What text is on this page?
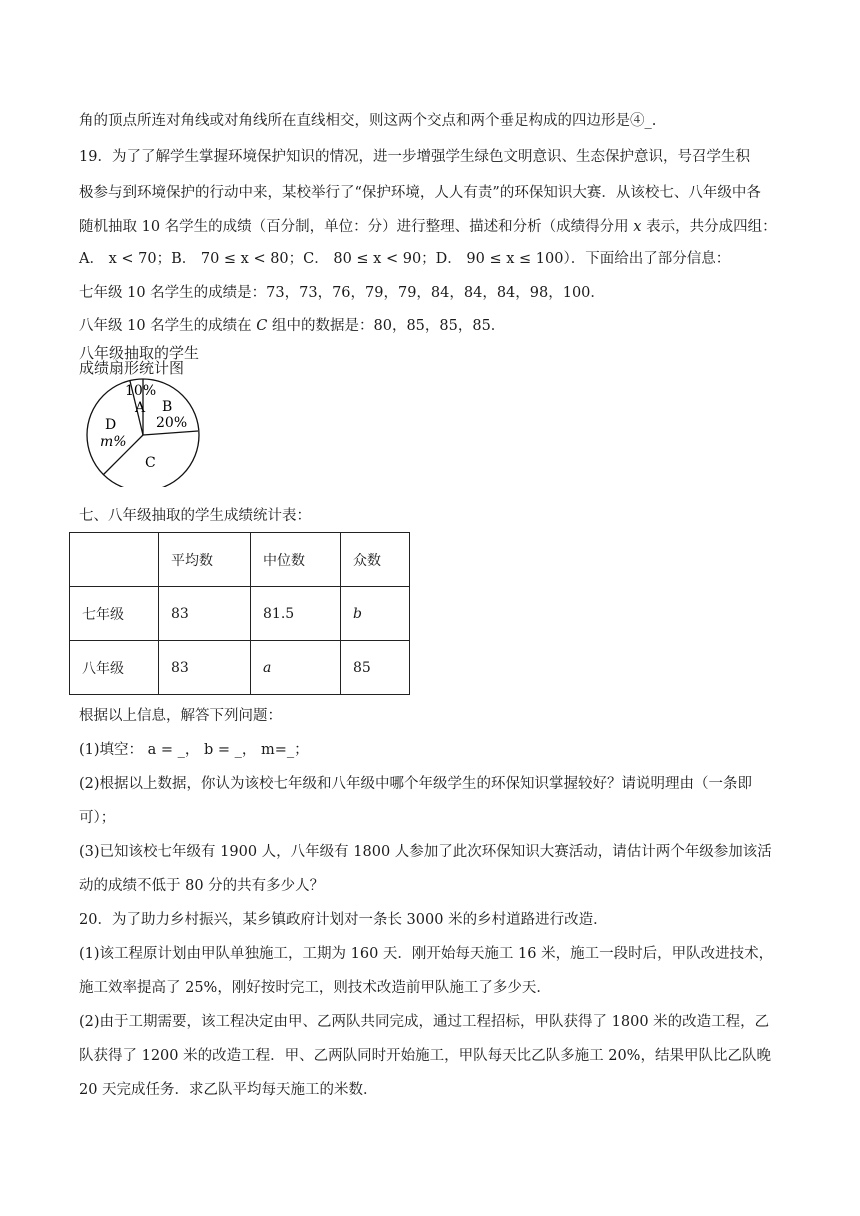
角的顶点所连对角线或对角线所在直线相交，则这两个交点和两个垂足构成的四边形是④_.
19．为了了解学生掌握环境保护知识的情况，进一步增强学生绿色文明意识、生态保护意识，号召学生积
极参与到环境保护的行动中来，某校举行了“保护环境，人人有责”的环保知识大赛．从该校七、八年级中各
随机抽取 10 名学生的成绩（百分制，单位：分）进行整理、描述和分析（成绩得分用 x 表示，共分成四组：
A． x < 70；B． 70 ≤ x < 80；C． 80 ≤ x < 90；D． 90 ≤ x ≤ 100）．下面给出了部分信息：
七年级 10 名学生的成绩是：73，73，76，79，79，84，84，84，98，100．
八年级 10 名学生的成绩在 C 组中的数据是：80，85，85，85．
八年级抽取的学生
成绩扇形统计图
10%
A B
20%
D
m%
C
七、八年级抽取的学生成绩统计表：
	平均数	中位数	众数
七年级	83	81.5	b
八年级	83	a	85
根据以上信息，解答下列问题：
(1)填空： a = _， b = _， m=_；
(2)根据以上数据，你认为该校七年级和八年级中哪个年级学生的环保知识掌握较好？请说明理由（一条即
可）；
(3)已知该校七年级有 1900 人，八年级有 1800 人参加了此次环保知识大赛活动，请估计两个年级参加该活
动的成绩不低于 80 分的共有多少人？
20．为了助力乡村振兴，某乡镇政府计划对一条长 3000 米的乡村道路进行改造．
(1)该工程原计划由甲队单独施工，工期为 160 天．刚开始每天施工 16 米，施工一段时后，甲队改进技术，
施工效率提高了 25%，刚好按时完工，则技术改造前甲队施工了多少天．
(2)由于工期需要，该工程决定由甲、乙两队共同完成，通过工程招标，甲队获得了 1800 米的改造工程，乙
队获得了 1200 米的改造工程．甲、乙两队同时开始施工，甲队每天比乙队多施工 20%，结果甲队比乙队晚
20 天完成任务．求乙队平均每天施工的米数．
